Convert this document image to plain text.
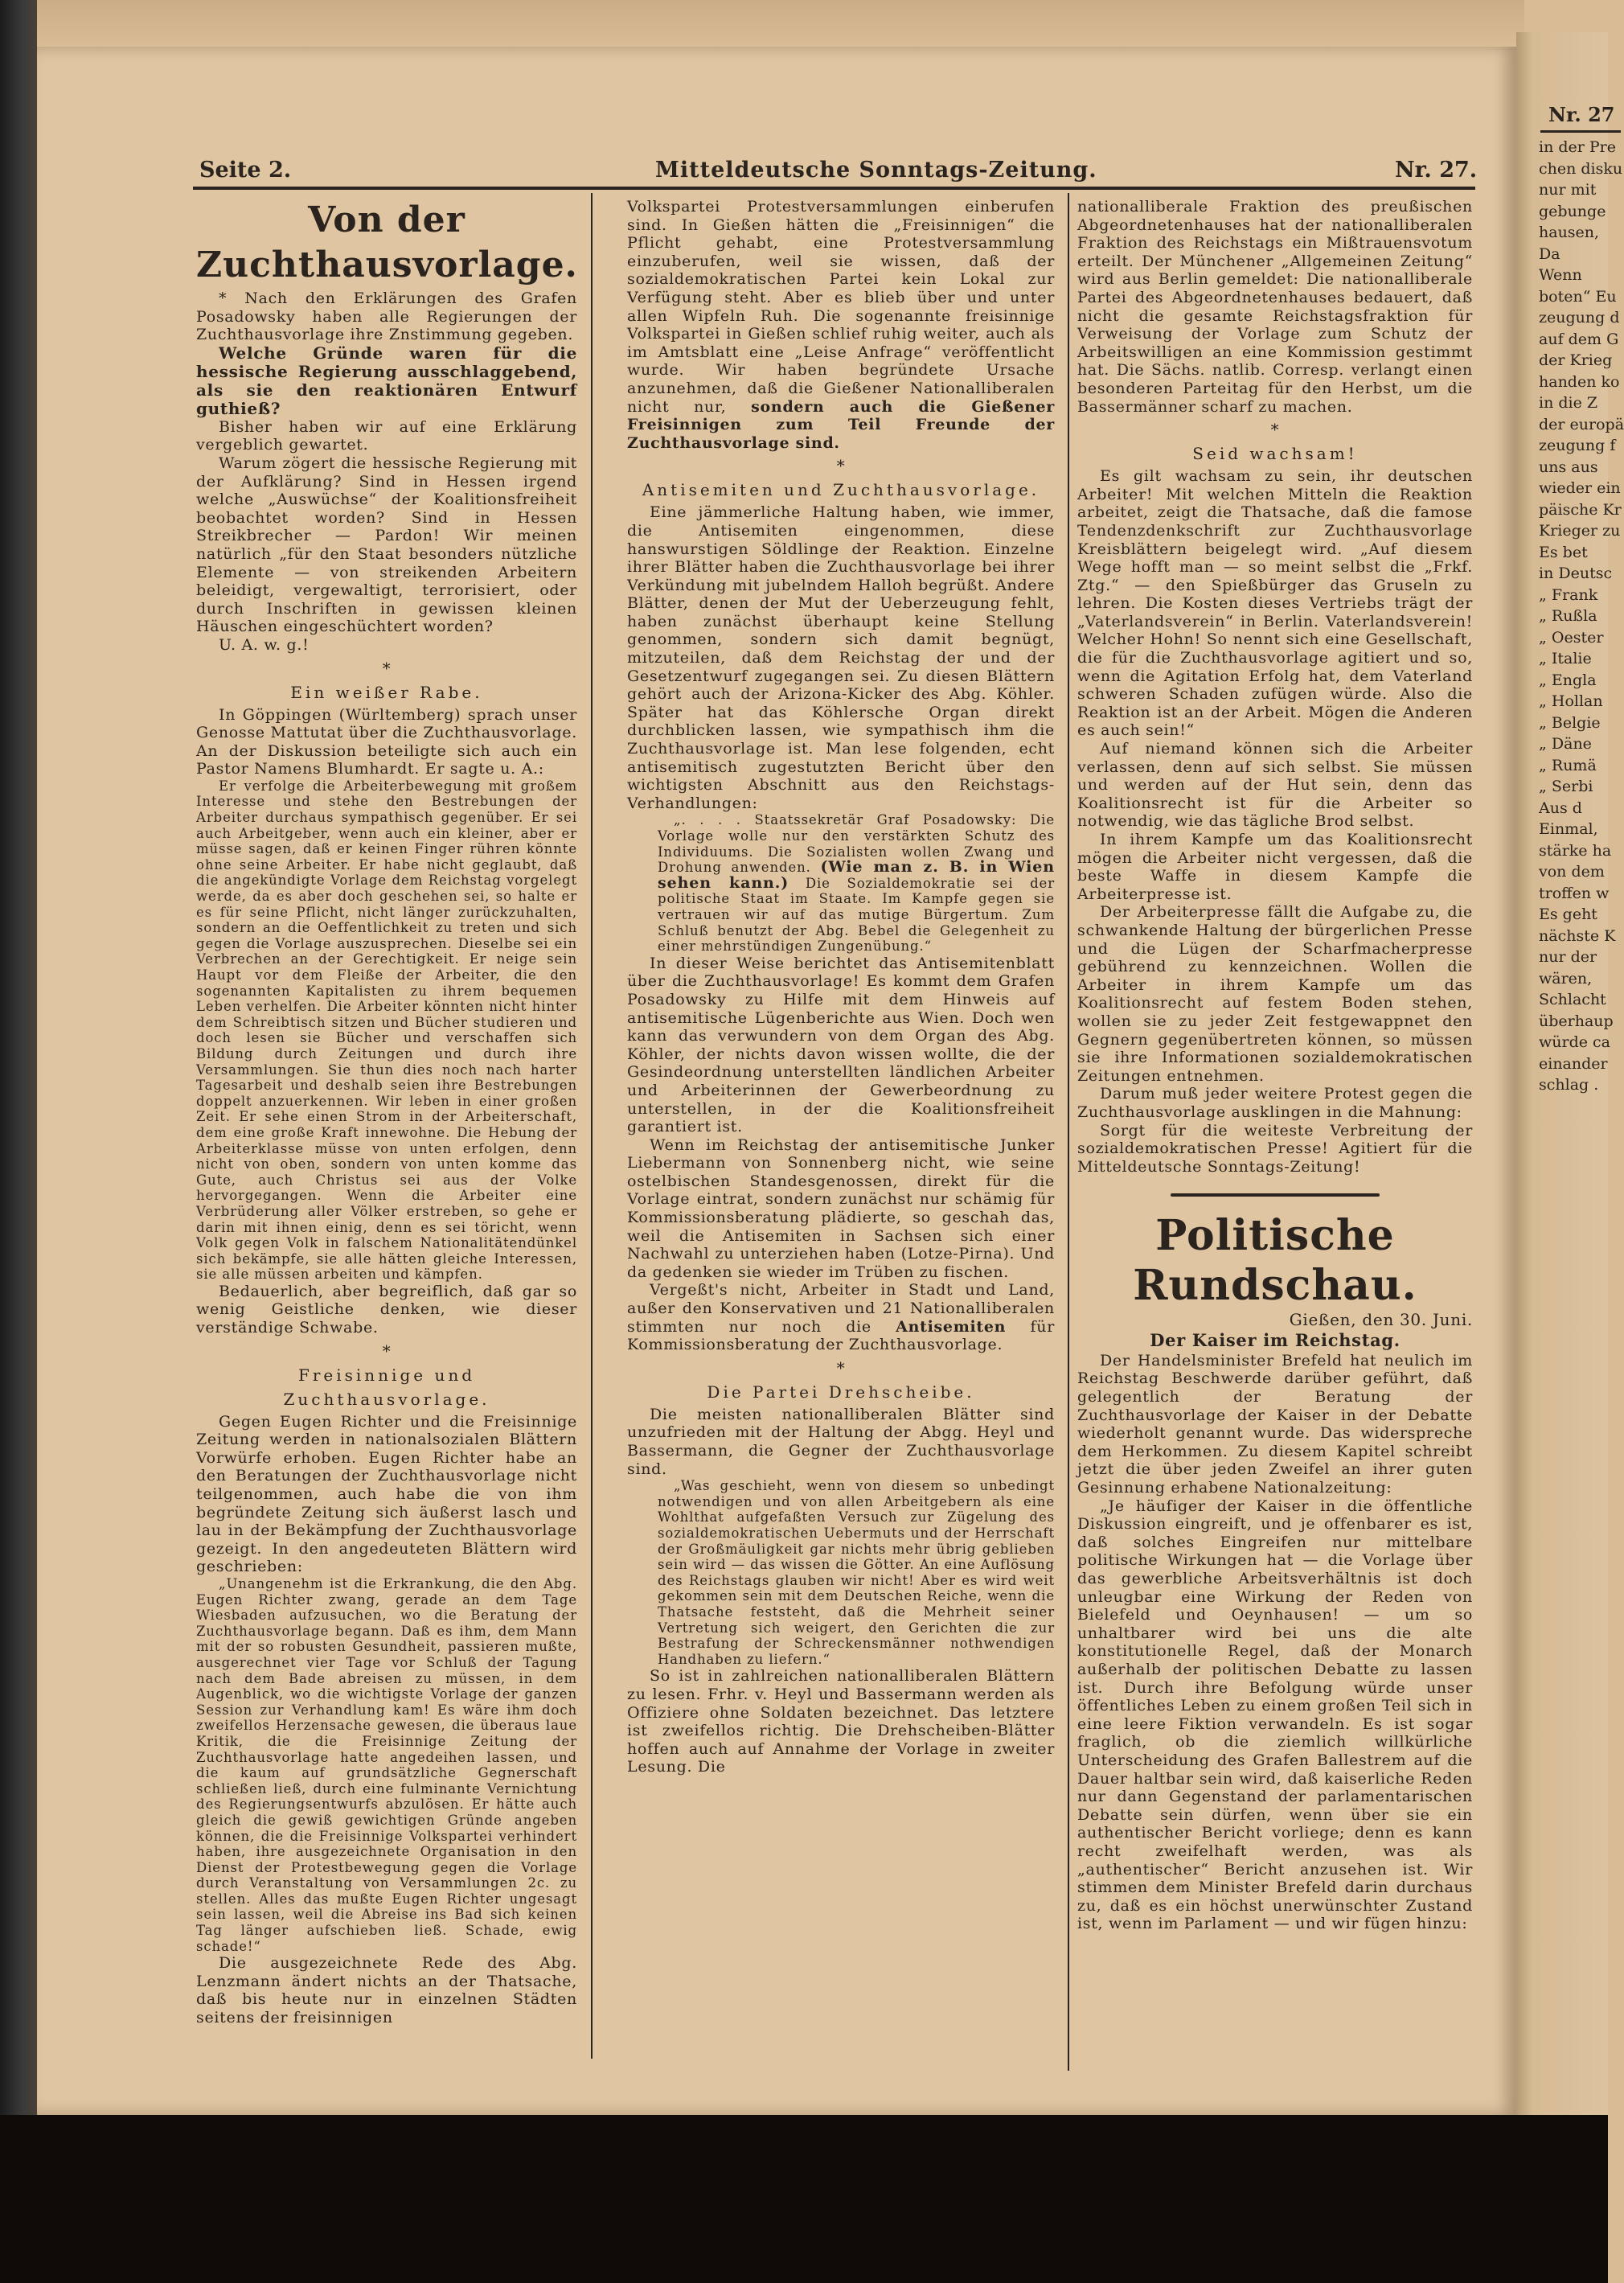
Nr. 27
in der Pre
chen disku
nur mit
gebunge
hausen,
Da
Wenn
boten“ Eu
zeugung d
auf dem G
der Krieg
handen ko
in die Z
der europä
zeugung f
uns aus
wieder ein
päische Kr
Krieger zu
Es bet
in Deutsc
„ Frank
„ Rußla
„ Oester
„ Italie
„ Engla
„ Hollan
„ Belgie
„ Däne
„ Rumä
„ Serbi
Aus d
Einmal,
stärke ha
von dem
troffen w
Es geht
nächste K
nur der
wären,
Schlacht
überhaup
würde ca
einander
schlag .
Seite 2.	Mitteldeutsche Sonntags-Zeitung.	Nr. 27.
Von der Zuchthausvorlage.

* Nach den Erklärungen des Grafen Posadowsky haben alle Regierungen der Zuchthausvorlage ihre Znstimmung gegeben.

Welche Gründe waren für die hessische Regierung ausschlaggebend, als sie den reaktionären Entwurf guthieß?

Bisher haben wir auf eine Erklärung vergeblich gewartet.

Warum zögert die hessische Regierung mit der Aufklärung? Sind in Hessen irgend welche „Auswüchse“ der Koalitionsfreiheit beobachtet worden? Sind in Hessen Streikbrecher — Pardon! Wir meinen natürlich „für den Staat besonders nützliche Elemente — von streikenden Arbeitern beleidigt, vergewaltigt, terrorisiert, oder durch Inschriften in gewissen kleinen Häuschen eingeschüchtert worden?

U. A. w. g.!

*
Ein weißer Rabe.

In Göppingen (Würltemberg) sprach unser Genosse Mattutat über die Zuchthausvorlage. An der Diskussion beteiligte sich auch ein Pastor Namens Blumhardt. Er sagte u. A.:

Er verfolge die Arbeiterbewegung mit großem Interesse und stehe den Bestrebungen der Arbeiter durchaus sympathisch gegenüber. Er sei auch Arbeitgeber, wenn auch ein kleiner, aber er müsse sagen, daß er keinen Finger rühren könnte ohne seine Arbeiter. Er habe nicht geglaubt, daß die angekündigte Vorlage dem Reichstag vorgelegt werde, da es aber doch geschehen sei, so halte er es für seine Pflicht, nicht länger zurückzuhalten, sondern an die Oeffentlichkeit zu treten und sich gegen die Vorlage auszusprechen. Dieselbe sei ein Verbrechen an der Gerechtigkeit. Er neige sein Haupt vor dem Fleiße der Arbeiter, die den sogenannten Kapitalisten zu ihrem bequemen Leben verhelfen. Die Arbeiter könnten nicht hinter dem Schreibtisch sitzen und Bücher studieren und doch lesen sie Bücher und verschaffen sich Bildung durch Zeitungen und durch ihre Versammlungen. Sie thun dies noch nach harter Tagesarbeit und deshalb seien ihre Bestrebungen doppelt anzuerkennen. Wir leben in einer großen Zeit. Er sehe einen Strom in der Arbeiterschaft, dem eine große Kraft innewohne. Die Hebung der Arbeiterklasse müsse von unten erfolgen, denn nicht von oben, sondern von unten komme das Gute, auch Christus sei aus der Volke hervorgegangen. Wenn die Arbeiter eine Verbrüderung aller Völker erstreben, so gehe er darin mit ihnen einig, denn es sei töricht, wenn Volk gegen Volk in falschem Nationalitätendünkel sich bekämpfe, sie alle hätten gleiche Interessen, sie alle müssen arbeiten und kämpfen.

Bedauerlich, aber begreiflich, daß gar so wenig Geistliche denken, wie dieser verständige Schwabe.

*
Freisinnige und Zuchthausvorlage.

Gegen Eugen Richter und die Freisinnige Zeitung werden in nationalsozialen Blättern Vorwürfe erhoben. Eugen Richter habe an den Beratungen der Zuchthausvorlage nicht teilgenommen, auch habe die von ihm begründete Zeitung sich äußerst lasch und lau in der Bekämpfung der Zuchthausvorlage gezeigt. In den angedeuteten Blättern wird geschrieben:

„Unangenehm ist die Erkrankung, die den Abg. Eugen Richter zwang, gerade an dem Tage Wiesbaden aufzusuchen, wo die Beratung der Zuchthausvorlage begann. Daß es ihm, dem Mann mit der so robusten Gesundheit, passieren mußte, ausgerechnet vier Tage vor Schluß der Tagung nach dem Bade abreisen zu müssen, in dem Augenblick, wo die wichtigste Vorlage der ganzen Session zur Verhandlung kam! Es wäre ihm doch zweifellos Herzensache gewesen, die überaus laue Kritik, die die Freisinnige Zeitung der Zuchthausvorlage hatte angedeihen lassen, und die kaum auf grundsätzliche Gegnerschaft schließen ließ, durch eine fulminante Vernichtung des Regierungsentwurfs abzulösen. Er hätte auch gleich die gewiß gewichtigen Gründe angeben können, die die Freisinnige Volkspartei verhindert haben, ihre ausgezeichnete Organisation in den Dienst der Protestbewegung gegen die Vorlage durch Veranstaltung von Versammlungen 2c. zu stellen. Alles das mußte Eugen Richter ungesagt sein lassen, weil die Abreise ins Bad sich keinen Tag länger aufschieben ließ. Schade, ewig schade!“

Die ausgezeichnete Rede des Abg. Lenzmann ändert nichts an der Thatsache, daß bis heute nur in einzelnen Städten seitens der freisinnigen

Volkspartei Protestversammlungen einberufen sind. In Gießen hätten die „Freisinnigen“ die Pflicht gehabt, eine Protestversammlung einzuberufen, weil sie wissen, daß der sozialdemokratischen Partei kein Lokal zur Verfügung steht. Aber es blieb über und unter allen Wipfeln Ruh. Die sogenannte freisinnige Volkspartei in Gießen schlief ruhig weiter, auch als im Amtsblatt eine „Leise Anfrage“ veröffentlicht wurde. Wir haben begründete Ursache anzunehmen, daß die Gießener Nationalliberalen nicht nur, sondern auch die Gießener Freisinnigen zum Teil Freunde der Zuchthausvorlage sind.

*
Antisemiten und Zuchthausvorlage.

Eine jämmerliche Haltung haben, wie immer, die Antisemiten eingenommen, diese hanswurstigen Söldlinge der Reaktion. Einzelne ihrer Blätter haben die Zuchthausvorlage bei ihrer Verkündung mit jubelndem Halloh begrüßt. Andere Blätter, denen der Mut der Ueberzeugung fehlt, haben zunächst überhaupt keine Stellung genommen, sondern sich damit begnügt, mitzuteilen, daß dem Reichstag der und der Gesetzentwurf zugegangen sei. Zu diesen Blättern gehört auch der Arizona-Kicker des Abg. Köhler. Später hat das Köhlersche Organ direkt durchblicken lassen, wie sympathisch ihm die Zuchthausvorlage ist. Man lese folgenden, echt antisemitisch zugestutzten Bericht über den wichtigsten Abschnitt aus den Reichstags-Verhandlungen:

„. . . . Staatssekretär Graf Posadowsky: Die Vorlage wolle nur den verstärkten Schutz des Individuums. Die Sozialisten wollen Zwang und Drohung anwenden. (Wie man z. B. in Wien sehen kann.) Die Sozialdemokratie sei der politische Staat im Staate. Im Kampfe gegen sie vertrauen wir auf das mutige Bürgertum. Zum Schluß benutzt der Abg. Bebel die Gelegenheit zu einer mehrstündigen Zungenübung.“

In dieser Weise berichtet das Antisemitenblatt über die Zuchthausvorlage! Es kommt dem Grafen Posadowsky zu Hilfe mit dem Hinweis auf antisemitische Lügenberichte aus Wien. Doch wen kann das verwundern von dem Organ des Abg. Köhler, der nichts davon wissen wollte, die der Gesindeordnung unterstellten ländlichen Arbeiter und Arbeiterinnen der Gewerbeordnung zu unterstellen, in der die Koalitionsfreiheit garantiert ist.

Wenn im Reichstag der antisemitische Junker Liebermann von Sonnenberg nicht, wie seine ostelbischen Standesgenossen, direkt für die Vorlage eintrat, sondern zunächst nur schämig für Kommissionsberatung plädierte, so geschah das, weil die Antisemiten in Sachsen sich einer Nachwahl zu unterziehen haben (Lotze-Pirna). Und da gedenken sie wieder im Trüben zu fischen.

Vergeßt's nicht, Arbeiter in Stadt und Land, außer den Konservativen und 21 Nationalliberalen stimmten nur noch die Antisemiten für Kommissionsberatung der Zuchthausvorlage.

*
Die Partei Drehscheibe.

Die meisten nationalliberalen Blätter sind unzufrieden mit der Haltung der Abgg. Heyl und Bassermann, die Gegner der Zuchthausvorlage sind.

„Was geschieht, wenn von diesem so unbedingt notwendigen und von allen Arbeitgebern als eine Wohlthat aufgefaßten Versuch zur Zügelung des sozialdemokratischen Uebermuts und der Herrschaft der Großmäuligkeit gar nichts mehr übrig geblieben sein wird — das wissen die Götter. An eine Auflösung des Reichstags glauben wir nicht! Aber es wird weit gekommen sein mit dem Deutschen Reiche, wenn die Thatsache feststeht, daß die Mehrheit seiner Vertretung sich weigert, den Gerichten die zur Bestrafung der Schreckensmänner nothwendigen Handhaben zu liefern.“

So ist in zahlreichen nationalliberalen Blättern zu lesen. Frhr. v. Heyl und Bassermann werden als Offiziere ohne Soldaten bezeichnet. Das letztere ist zweifellos richtig. Die Drehscheiben-Blätter hoffen auch auf Annahme der Vorlage in zweiter Lesung. Die

nationalliberale Fraktion des preußischen Abgeordnetenhauses hat der nationalliberalen Fraktion des Reichstags ein Mißtrauensvotum erteilt. Der Münchener „Allgemeinen Zeitung“ wird aus Berlin gemeldet: Die nationalliberale Partei des Abgeordnetenhauses bedauert, daß nicht die gesamte Reichstagsfraktion für Verweisung der Vorlage zum Schutz der Arbeitswilligen an eine Kommission gestimmt hat. Die Sächs. natlib. Corresp. verlangt einen besonderen Parteitag für den Herbst, um die Bassermänner scharf zu machen.

*
Seid wachsam!

Es gilt wachsam zu sein, ihr deutschen Arbeiter! Mit welchen Mitteln die Reaktion arbeitet, zeigt die Thatsache, daß die famose Tendenzdenkschrift zur Zuchthausvorlage Kreisblättern beigelegt wird. „Auf diesem Wege hofft man — so meint selbst die „Frkf. Ztg.“ — den Spießbürger das Gruseln zu lehren. Die Kosten dieses Vertriebs trägt der „Vaterlandsverein“ in Berlin. Vaterlandsverein! Welcher Hohn! So nennt sich eine Gesellschaft, die für die Zuchthausvorlage agitiert und so, wenn die Agitation Erfolg hat, dem Vaterland schweren Schaden zufügen würde. Also die Reaktion ist an der Arbeit. Mögen die Anderen es auch sein!“

Auf niemand können sich die Arbeiter verlassen, denn auf sich selbst. Sie müssen und werden auf der Hut sein, denn das Koalitionsrecht ist für die Arbeiter so notwendig, wie das tägliche Brod selbst.

In ihrem Kampfe um das Koalitionsrecht mögen die Arbeiter nicht vergessen, daß die beste Waffe in diesem Kampfe die Arbeiterpresse ist.

Der Arbeiterpresse fällt die Aufgabe zu, die schwankende Haltung der bürgerlichen Presse und die Lügen der Scharfmacherpresse gebührend zu kennzeichnen. Wollen die Arbeiter in ihrem Kampfe um das Koalitionsrecht auf festem Boden stehen, wollen sie zu jeder Zeit festgewappnet den Gegnern gegenübertreten können, so müssen sie ihre Informationen sozialdemokratischen Zeitungen entnehmen.

Darum muß jeder weitere Protest gegen die Zuchthausvorlage ausklingen in die Mahnung:

Sorgt für die weiteste Verbreitung der sozialdemokratischen Presse! Agitiert für die Mitteldeutsche Sonntags-Zeitung!

Politische Rundschau.

Gießen, den 30. Juni.

Der Kaiser im Reichstag.

Der Handelsminister Brefeld hat neulich im Reichstag Beschwerde darüber geführt, daß gelegentlich der Beratung der Zuchthausvorlage der Kaiser in der Debatte wiederholt genannt wurde. Das widerspreche dem Herkommen. Zu diesem Kapitel schreibt jetzt die über jeden Zweifel an ihrer guten Gesinnung erhabene Nationalzeitung:

„Je häufiger der Kaiser in die öffentliche Diskussion eingreift, und je offenbarer es ist, daß solches Eingreifen nur mittelbare politische Wirkungen hat — die Vorlage über das gewerbliche Arbeitsverhältnis ist doch unleugbar eine Wirkung der Reden von Bielefeld und Oeynhausen! — um so unhaltbarer wird bei uns die alte konstitutionelle Regel, daß der Monarch außerhalb der politischen Debatte zu lassen ist. Durch ihre Befolgung würde unser öffentliches Leben zu einem großen Teil sich in eine leere Fiktion verwandeln. Es ist sogar fraglich, ob die ziemlich willkürliche Unterscheidung des Grafen Ballestrem auf die Dauer haltbar sein wird, daß kaiserliche Reden nur dann Gegenstand der parlamentarischen Debatte sein dürfen, wenn über sie ein authentischer Bericht vorliege; denn es kann recht zweifelhaft werden, was als „authentischer“ Bericht anzusehen ist. Wir stimmen dem Minister Brefeld darin durchaus zu, daß es ein höchst unerwünschter Zustand ist, wenn im Parlament — und wir fügen hinzu:
